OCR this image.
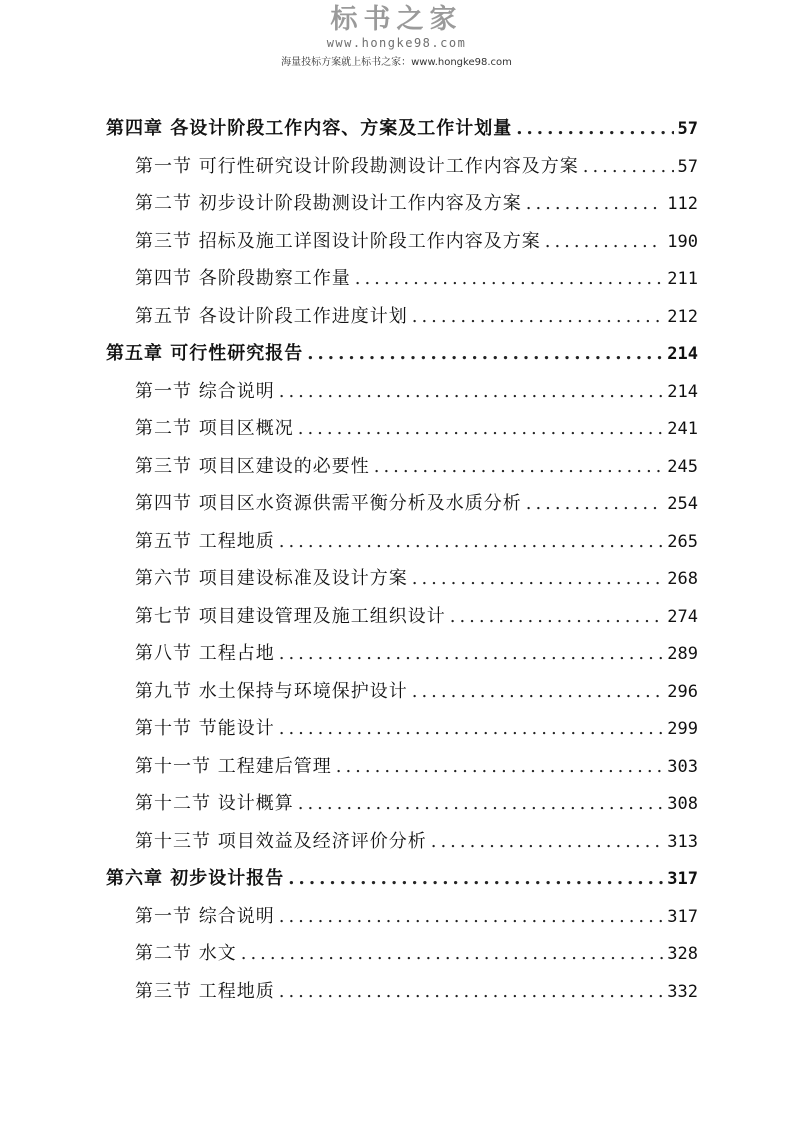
标书之家
www.hongke98.com
海量投标方案就上标书之家：www.hongke98.com
第四章 各设计阶段工作内容、方案及工作计划量 .....	57
第一节 可行性研究设计阶段勘测设计工作内容及方案 .....	57
第二节 初步设计阶段勘测设计工作内容及方案 .....	112
第三节 招标及施工详图设计阶段工作内容及方案 .....	190
第四节 各阶段勘察工作量 .....	211
第五节 各设计阶段工作进度计划 .....	212
第五章 可行性研究报告 .....	214
第一节 综合说明 .....	214
第二节 项目区概况 .....	241
第三节 项目区建设的必要性 .....	245
第四节 项目区水资源供需平衡分析及水质分析 .....	254
第五节 工程地质 .....	265
第六节 项目建设标准及设计方案 .....	268
第七节 项目建设管理及施工组织设计 .....	274
第八节 工程占地 .....	289
第九节 水土保持与环境保护设计 .....	296
第十节 节能设计 .....	299
第十一节 工程建后管理 .....	303
第十二节 设计概算 .....	308
第十三节 项目效益及经济评价分析 .....	313
第六章 初步设计报告 .....	317
第一节 综合说明 .....	317
第二节 水文 .....	328
第三节 工程地质 .....	332
